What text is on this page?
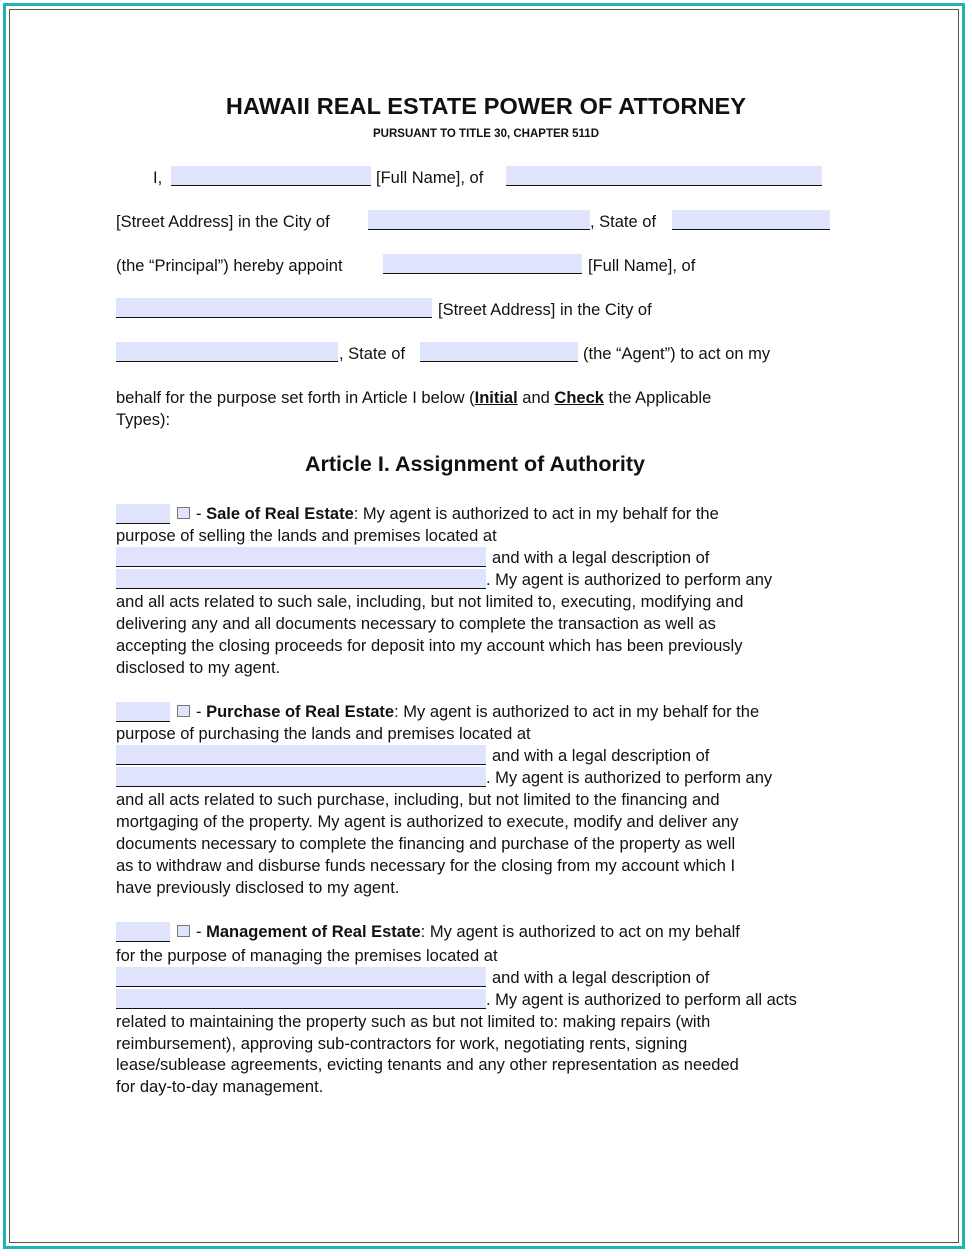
HAWAII REAL ESTATE POWER OF ATTORNEY
PURSUANT TO TITLE 30, CHAPTER 511D
I,	[Full Name], of
[Street Address] in the City of	, State of
(the “Principal”) hereby appoint	[Full Name], of
[Street Address] in the City of
, State of	(the “Agent”) to act on my
behalf for the purpose set forth in Article I below (Initial and Check the Applicable
Types):
Article I. Assignment of Authority
- Sale of Real Estate: My agent is authorized to act in my behalf for the
purpose of selling the lands and premises located at
and with a legal description of
. My agent is authorized to perform any
and all acts related to such sale, including, but not limited to, executing, modifying and
delivering any and all documents necessary to complete the transaction as well as
accepting the closing proceeds for deposit into my account which has been previously
disclosed to my agent.
- Purchase of Real Estate: My agent is authorized to act in my behalf for the
purpose of purchasing the lands and premises located at
and with a legal description of
. My agent is authorized to perform any
and all acts related to such purchase, including, but not limited to the financing and
mortgaging of the property. My agent is authorized to execute, modify and deliver any
documents necessary to complete the financing and purchase of the property as well
as to withdraw and disburse funds necessary for the closing from my account which I
have previously disclosed to my agent.
- Management of Real Estate: My agent is authorized to act on my behalf
for the purpose of managing the premises located at
and with a legal description of
. My agent is authorized to perform all acts
related to maintaining the property such as but not limited to: making repairs (with
reimbursement), approving sub-contractors for work, negotiating rents, signing
lease/sublease agreements, evicting tenants and any other representation as needed
for day-to-day management.
